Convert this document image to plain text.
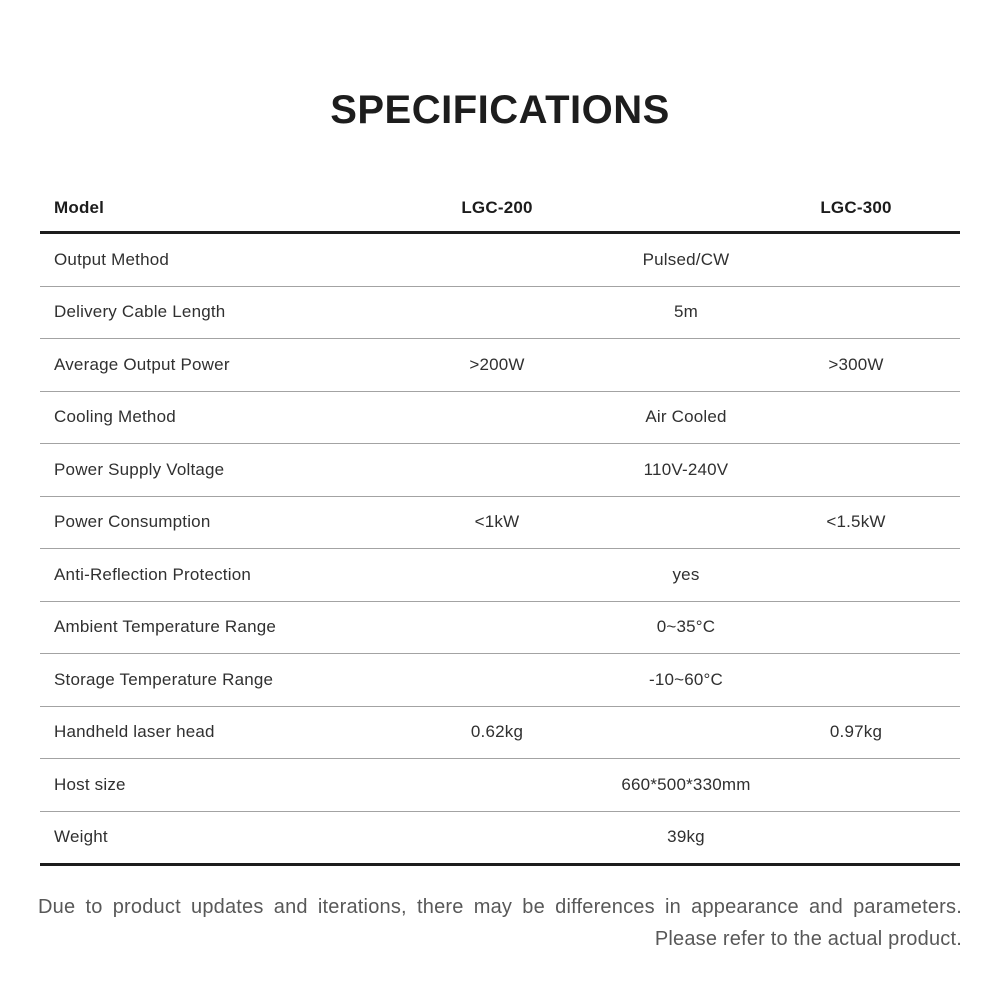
SPECIFICATIONS
Model	LGC-200	LGC-300
Output Method	Pulsed/CW
Delivery Cable Length	5m
Average Output Power	>200W	>300W
Cooling Method	Air Cooled
Power Supply Voltage	110V-240V
Power Consumption	<1kW	<1.5kW
Anti-Reflection Protection	yes
Ambient Temperature Range	0~35°C
Storage Temperature Range	-10~60°C
Handheld laser head	0.62kg	0.97kg
Host size	660*500*330mm
Weight	39kg
Due to product updates and iterations, there may be differences in appearance and parameters.
Please refer to the actual product.
